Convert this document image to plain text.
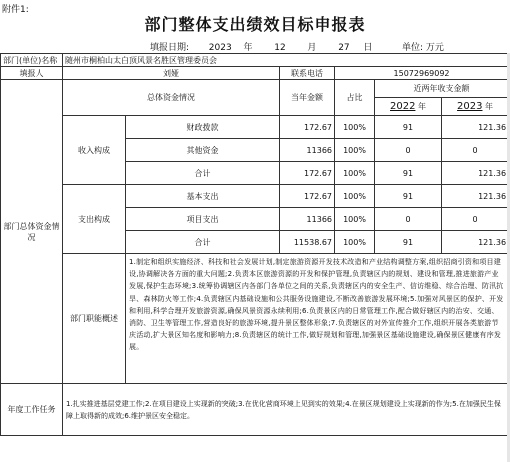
附件1:
部门整体支出绩效目标申报表
填报日期: 2023 年 12 月 27 日	单位: 万元
部门(单位)名称	随州市桐柏山太白顶风景名胜区管理委员会					
填报人	刘娅		联系电话	15072969092		
部门总体资金情况	总体资金情况		当年金额	占比	近两年收支金额	
					2022 年	2023 年
	收入构成	财政拨款	172.67	100%	91	121.36
		其他资金	11366	100%	0	0
		合计	172.67	100%	91	121.36
	支出构成	基本支出	172.67	100%	91	121.36
		项目支出	11366	100%	0	0
		合计	11538.67	100%	91	121.36
	部门职能概述	1.制定和组织实施经济、科技和社会发展计划,制定旅游资源开发技术改造和产业结构调整方案,组织招商引资和项目建设,协调解决各方面的重大问题;2.负责本区旅游资源的开发和保护管理,负责辖区内的规划、建设和管理,推进旅游产业发展,保护生态环境;3.统筹协调辖区内各部门各单位之间的关系,负责辖区内的安全生产、信访维稳、综合治理、防汛抗旱、森林防火等工作;4.负责辖区内基础设施和公共服务设施建设,不断改善旅游发展环境;5.加强对风景区的保护、开发和利用,科学合理开发旅游资源,确保风景资源永续利用;6.负责景区内的日常管理工作,配合做好辖区内的治安、交通、消防、卫生等管理工作,营造良好的旅游环境,提升景区整体形象;7.负责辖区的对外宣传推介工作,组织开展各类旅游节庆活动,扩大景区知名度和影响力;8.负责辖区的统计工作,做好规划和管理,加强景区基础设施建设,确保景区健康有序发展。				
年度工作任务	1.扎实推进基层党建工作;2.在项目建设上实现新的突破;3.在优化营商环境上见到实的效果;4.在景区规划建设上实现新的作为;5.在加强民生保障上取得新的成效;6.维护景区安全稳定。					
